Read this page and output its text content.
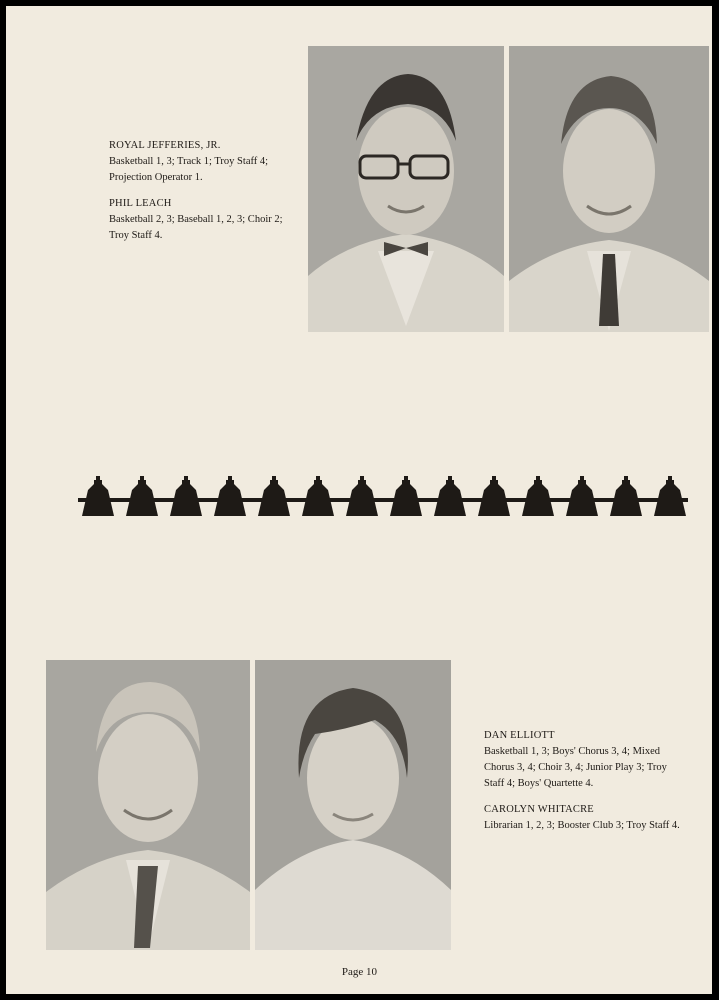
ROYAL JEFFERIES, JR.

Basketball 1, 3; Track 1; Troy Staff 4; Projection Operator 1.

PHIL LEACH

Basketball 2, 3; Baseball 1, 2, 3; Choir 2; Troy Staff 4.

DAN ELLIOTT

Basketball 1, 3; Boys' Chorus 3, 4; Mixed Chorus 3, 4; Choir 3, 4; Junior Play 3; Troy Staff 4; Boys' Quartette 4.

CAROLYN WHITACRE

Librarian 1, 2, 3; Booster Club 3; Troy Staff 4.

Page 10
